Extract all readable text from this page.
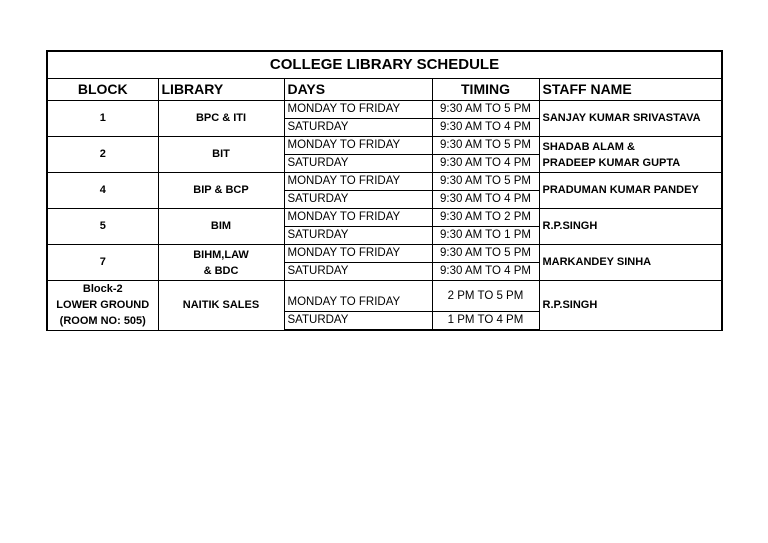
COLLEGE LIBRARY SCHEDULE				
BLOCK	LIBRARY	DAYS	TIMING	STAFF NAME
1	BPC & ITI	MONDAY TO FRIDAY	9:30 AM TO 5 PM	SANJAY KUMAR SRIVASTAVA
		SATURDAY	9:30 AM TO 4 PM	
2	BIT	MONDAY TO FRIDAY	9:30 AM TO 5 PM	SHADAB ALAM &
PRADEEP KUMAR GUPTA

		SATURDAY	9:30 AM TO 4 PM	
4	BIP & BCP	MONDAY TO FRIDAY	9:30 AM TO 5 PM	PRADUMAN KUMAR PANDEY
		SATURDAY	9:30 AM TO 4 PM	
5	BIM	MONDAY TO FRIDAY	9:30 AM TO 2 PM	R.P.SINGH
		SATURDAY	9:30 AM TO 1 PM	
7	BIHM,LAW
& BDC	MONDAY TO FRIDAY	9:30 AM TO 5 PM	MARKANDEY SINHA
		SATURDAY	9:30 AM TO 4 PM	

Block-2
LOWER GROUND
(ROOM NO: 505)	NAITIK SALES	MONDAY TO FRIDAY	2 PM TO 5 PM	R.P.SINGH
		SATURDAY	1 PM TO 4 PM	
